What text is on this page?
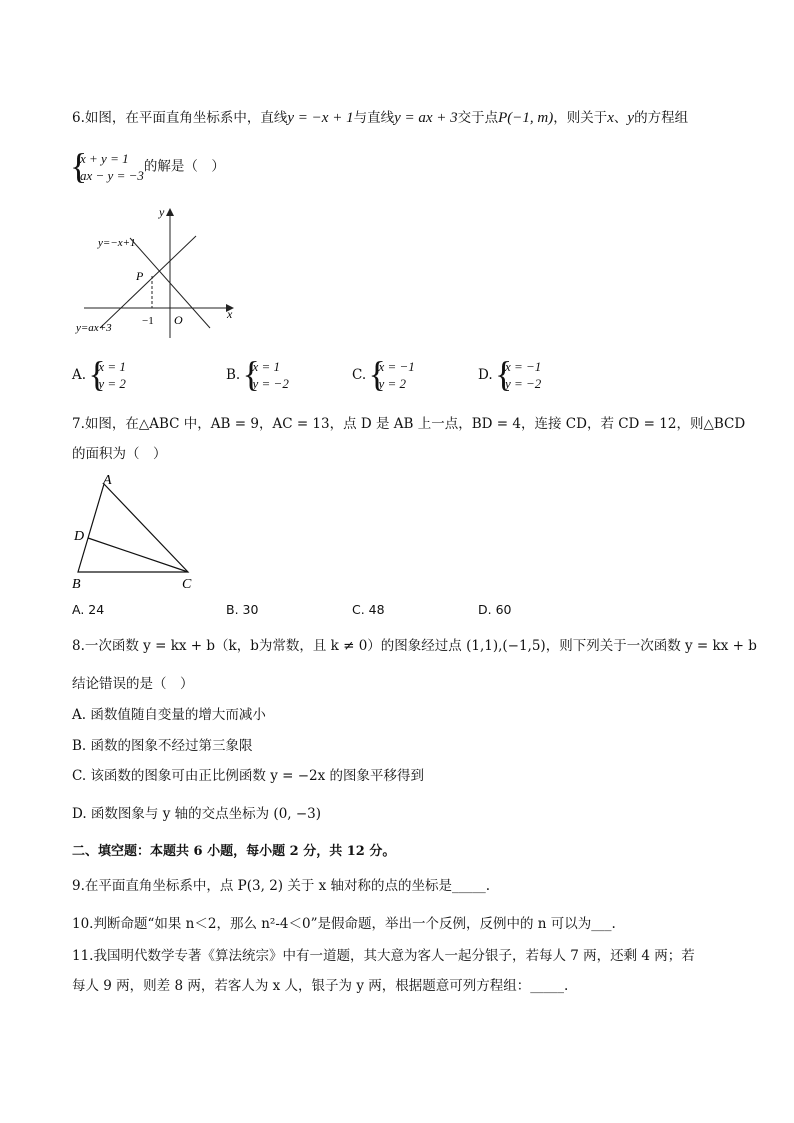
6.如图，在平面直角坐标系中，直线y = −x + 1与直线y = ax + 3交于点P(−1, m)，则关于x、y的方程组
{ x + y = 1
ax − y = −3
的解是（　）
y
x
O
P
−1
y=−x+1
y=ax+3
A.
{ x = 1
y = 2
B.
{ x = 1
y = −2
C.
{ x = −1
y = 2
D.
{ x = −1
y = −2
7.如图，在△ABC 中，AB = 9，AC = 13，点 D 是 AB 上一点，BD = 4，连接 CD，若 CD = 12，则△BCD
的面积为（　）
A
D
B	C
A. 24	B. 30	C. 48	D. 60
8.一次函数 y = kx + b（k，b为常数，且 k ≠ 0）的图象经过点 (1,1),(−1,5)，则下列关于一次函数 y = kx + b
结论错误的是（　）
A. 函数值随自变量的增大而减小
B. 函数的图象不经过第三象限
C. 该函数的图象可由正比例函数 y = −2x 的图象平移得到
D. 函数图象与 y 轴的交点坐标为 (0, −3)
二、填空题：本题共 6 小题，每小题 2 分，共 12 分。
9.在平面直角坐标系中，点 P(3, 2) 关于 x 轴对称的点的坐标是_____.
10.判断命题“如果 n＜2，那么 n²-4＜0”是假命题，举出一个反例，反例中的 n 可以为___.
11.我国明代数学专著《算法统宗》中有一道题，其大意为客人一起分银子，若每人 7 两，还剩 4 两；若
每人 9 两，则差 8 两，若客人为 x 人，银子为 y 两，根据题意可列方程组：_____.
